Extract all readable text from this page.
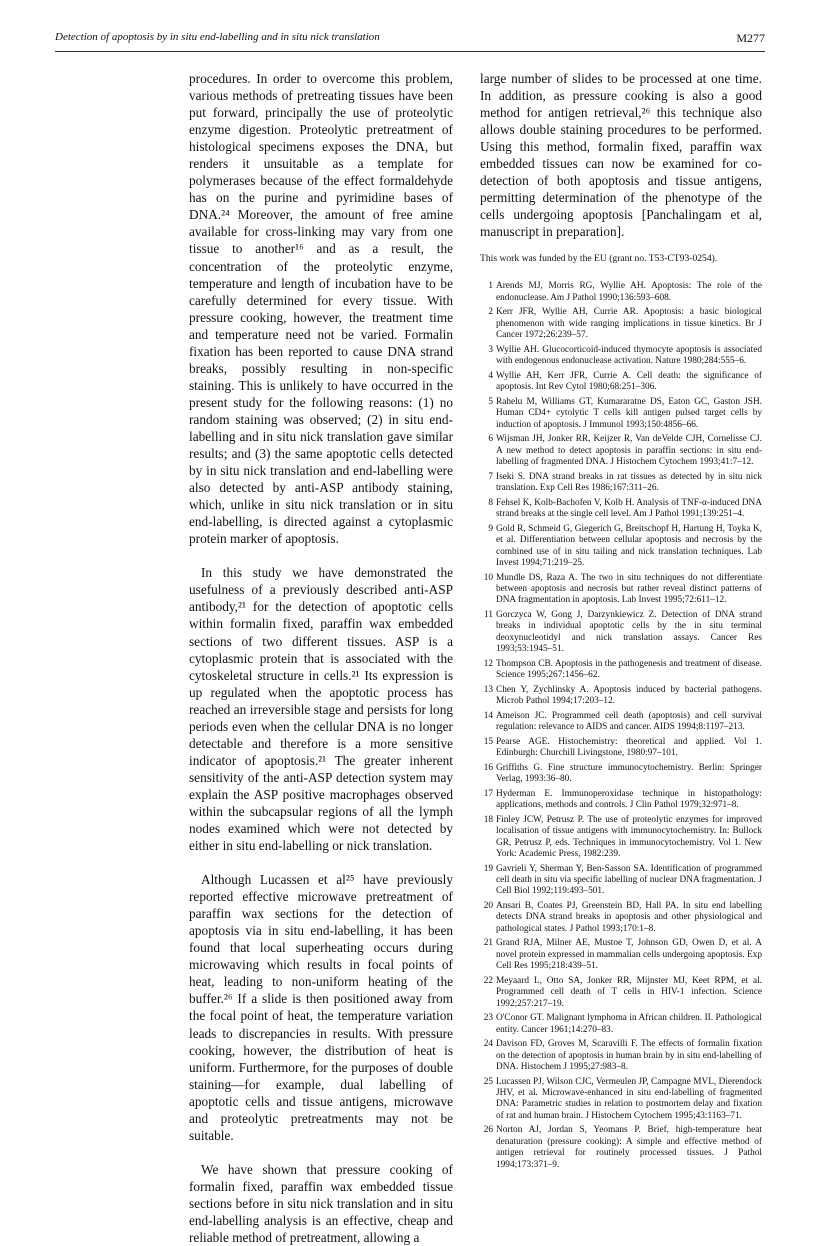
Detection of apoptosis by in situ end-labelling and in situ nick translation	M277

procedures. In order to overcome this problem, various methods of pretreating tissues have been put forward, principally the use of proteolytic enzyme digestion. Proteolytic pretreatment of histological specimens exposes the DNA, but renders it unsuitable as a template for polymerases because of the effect formaldehyde has on the purine and pyrimidine bases of DNA.²⁴ Moreover, the amount of free amine available for cross-linking may vary from one tissue to another¹⁶ and as a result, the concentration of the proteolytic enzyme, temperature and length of incubation have to be carefully determined for every tissue. With pressure cooking, however, the treatment time and temperature need not be varied. Formalin fixation has been reported to cause DNA strand breaks, possibly resulting in non-specific staining. This is unlikely to have occurred in the present study for the following reasons: (1) no random staining was observed; (2) in situ end-labelling and in situ nick translation gave similar results; and (3) the same apoptotic cells detected by in situ nick translation and end-labelling were also detected by anti-ASP antibody staining, which, unlike in situ nick translation or in situ end-labelling, is directed against a cytoplasmic protein marker of apoptosis.

In this study we have demonstrated the usefulness of a previously described anti-ASP antibody,²¹ for the detection of apoptotic cells within formalin fixed, paraffin wax embedded sections of two different tissues. ASP is a cytoplasmic protein that is associated with the cytoskeletal structure in cells.²¹ Its expression is up regulated when the apoptotic process has reached an irreversible stage and persists for long periods even when the cellular DNA is no longer detectable and therefore is a more sensitive indicator of apoptosis.²¹ The greater inherent sensitivity of the anti-ASP detection system may explain the ASP positive macrophages observed within the subcapsular regions of all the lymph nodes examined which were not detected by either in situ end-labelling or nick translation.

Although Lucassen et al²⁵ have previously reported effective microwave pretreatment of paraffin wax sections for the detection of apoptosis via in situ end-labelling, it has been found that local superheating occurs during microwaving which results in focal points of heat, leading to non-uniform heating of the buffer.²⁶ If a slide is then positioned away from the focal point of heat, the temperature variation leads to discrepancies in results. With pressure cooking, however, the distribution of heat is uniform. Furthermore, for the purposes of double staining—for example, dual labelling of apoptotic cells and tissue antigens, microwave and proteolytic pretreatments may not be suitable.

We have shown that pressure cooking of formalin fixed, paraffin wax embedded tissue sections before in situ nick translation and in situ end-labelling analysis is an effective, cheap and reliable method of pretreatment, allowing a

large number of slides to be processed at one time. In addition, as pressure cooking is also a good method for antigen retrieval,²⁶ this technique also allows double staining procedures to be performed. Using this method, formalin fixed, paraffin wax embedded tissues can now be examined for co-detection of both apoptosis and tissue antigens, permitting determination of the phenotype of the cells undergoing apoptosis [Panchalingam et al, manuscript in preparation].

This work was funded by the EU (grant no. T53-CT93-0254).

1 Arends MJ, Morris RG, Wyllie AH. Apoptosis: The role of the endonuclease. Am J Pathol 1990;136:593–608.
2 Kerr JFR, Wyllie AH, Currie AR. Apoptosis: a basic biological phenomenon with wide ranging implications in tissue kinetics. Br J Cancer 1972;26:239–57.
3 Wyllie AH. Glucocorticoid-induced thymocyte apoptosis is associated with endogenous endonuclease activation. Nature 1980;284:555–6.
4 Wyllie AH, Kerr JFR, Currie A. Cell death: the significance of apoptosis. Int Rev Cytol 1980;68:251–306.
5 Rahelu M, Williams GT, Kumararatne DS, Eaton GC, Gaston JSH. Human CD4+ cytolytic T cells kill antigen pulsed target cells by induction of apoptosis. J Immunol 1993;150:4856–66.
6 Wijsman JH, Jonker RR, Keijzer R, Van deVelde CJH, Cornelisse CJ. A new method to detect apoptosis in paraffin sections: in situ end-labelling of fragmented DNA. J Histochem Cytochem 1993;41:7–12.
7 Iseki S. DNA strand breaks in rat tissues as detected by in situ nick translation. Exp Cell Res 1986;167:311–26.
8 Fehsel K, Kolb-Bachofen V, Kolb H. Analysis of TNF-α-induced DNA strand breaks at the single cell level. Am J Pathol 1991;139:251–4.
9 Gold R, Schmeid G, Giegerich G, Breitschopf H, Hartung H, Toyka K, et al. Differentiation between cellular apoptosis and necrosis by the combined use of in situ tailing and nick translation techniques. Lab Invest 1994;71:219–25.
10 Mundle DS, Raza A. The two in situ techniques do not differentiate between apoptosis and necrosis but rather reveal distinct patterns of DNA fragmentation in apoptosis. Lab Invest 1995;72:611–12.
11 Gorczyca W, Gong J, Darzynkiewicz Z. Detection of DNA strand breaks in individual apoptotic cells by the in situ terminal deoxynucleotidyl and nick translation assays. Cancer Res 1993;53:1945–51.
12 Thompson CB. Apoptosis in the pathogenesis and treatment of disease. Science 1995;267:1456–62.
13 Chen Y, Zychlinsky A. Apoptosis induced by bacterial pathogens. Microb Pathol 1994;17:203–12.
14 Ameison JC. Programmed cell death (apoptosis) and cell survival regulation: relevance to AIDS and cancer. AIDS 1994;8:1197–213.
15 Pearse AGE. Histochemistry: theoretical and applied. Vol 1. Edinburgh: Churchill Livingstone, 1980:97–101.
16 Griffiths G. Fine structure immunocytochemistry. Berlin: Springer Verlag, 1993:36–80.
17 Hyderman E. Immunoperoxidase technique in histopathology: applications, methods and controls. J Clin Pathol 1979;32:971–8.
18 Finley JCW, Petrusz P. The use of proteolytic enzymes for improved localisation of tissue antigens with immunocytochemistry. In: Bullock GR, Petrusz P, eds. Techniques in immunocytochemistry. Vol 1. New York: Academic Press, 1982:239.
19 Gavrieli Y, Sherman Y, Ben-Sasson SA. Identification of programmed cell death in situ via specific labelling of nuclear DNA fragmentation. J Cell Biol 1992;119:493–501.
20 Ansari B, Coates PJ, Greenstein BD, Hall PA. In situ end labelling detects DNA strand breaks in apoptosis and other physiological and pathological states. J Pathol 1993;170:1–8.
21 Grand RJA, Milner AE, Mustoe T, Johnson GD, Owen D, et al. A novel protein expressed in mammalian cells undergoing apoptosis. Exp Cell Res 1995;218:439–51.
22 Meyaard L, Otto SA, Jonker RR, Mijnster MJ, Keet RPM, et al. Programmed cell death of T cells in HIV-1 infection. Science 1992;257:217–19.
23 O'Conor GT. Malignant lymphoma in African children. II. Pathological entity. Cancer 1961;14:270–83.
24 Davison FD, Groves M, Scaravilli F. The effects of formalin fixation on the detection of apoptosis in human brain by in situ end-labelling of DNA. Histochem J 1995;27:983–8.
25 Lucassen PJ, Wilson CJC, Vermeulen JP, Campagne MVL, Dierendock JHV, et al. Microwave-enhanced in situ end-labelling of fragmented DNA: Parametric studies in relation to postmortem delay and fixation of rat and human brain. J Histochem Cytochem 1995;43:1163–71.
26 Norton AJ, Jordan S, Yeomans P. Brief, high-temperature heat denaturation (pressure cooking): A simple and effective method of antigen retrieval for routinely processed tissues. J Pathol 1994;173:371–9.
